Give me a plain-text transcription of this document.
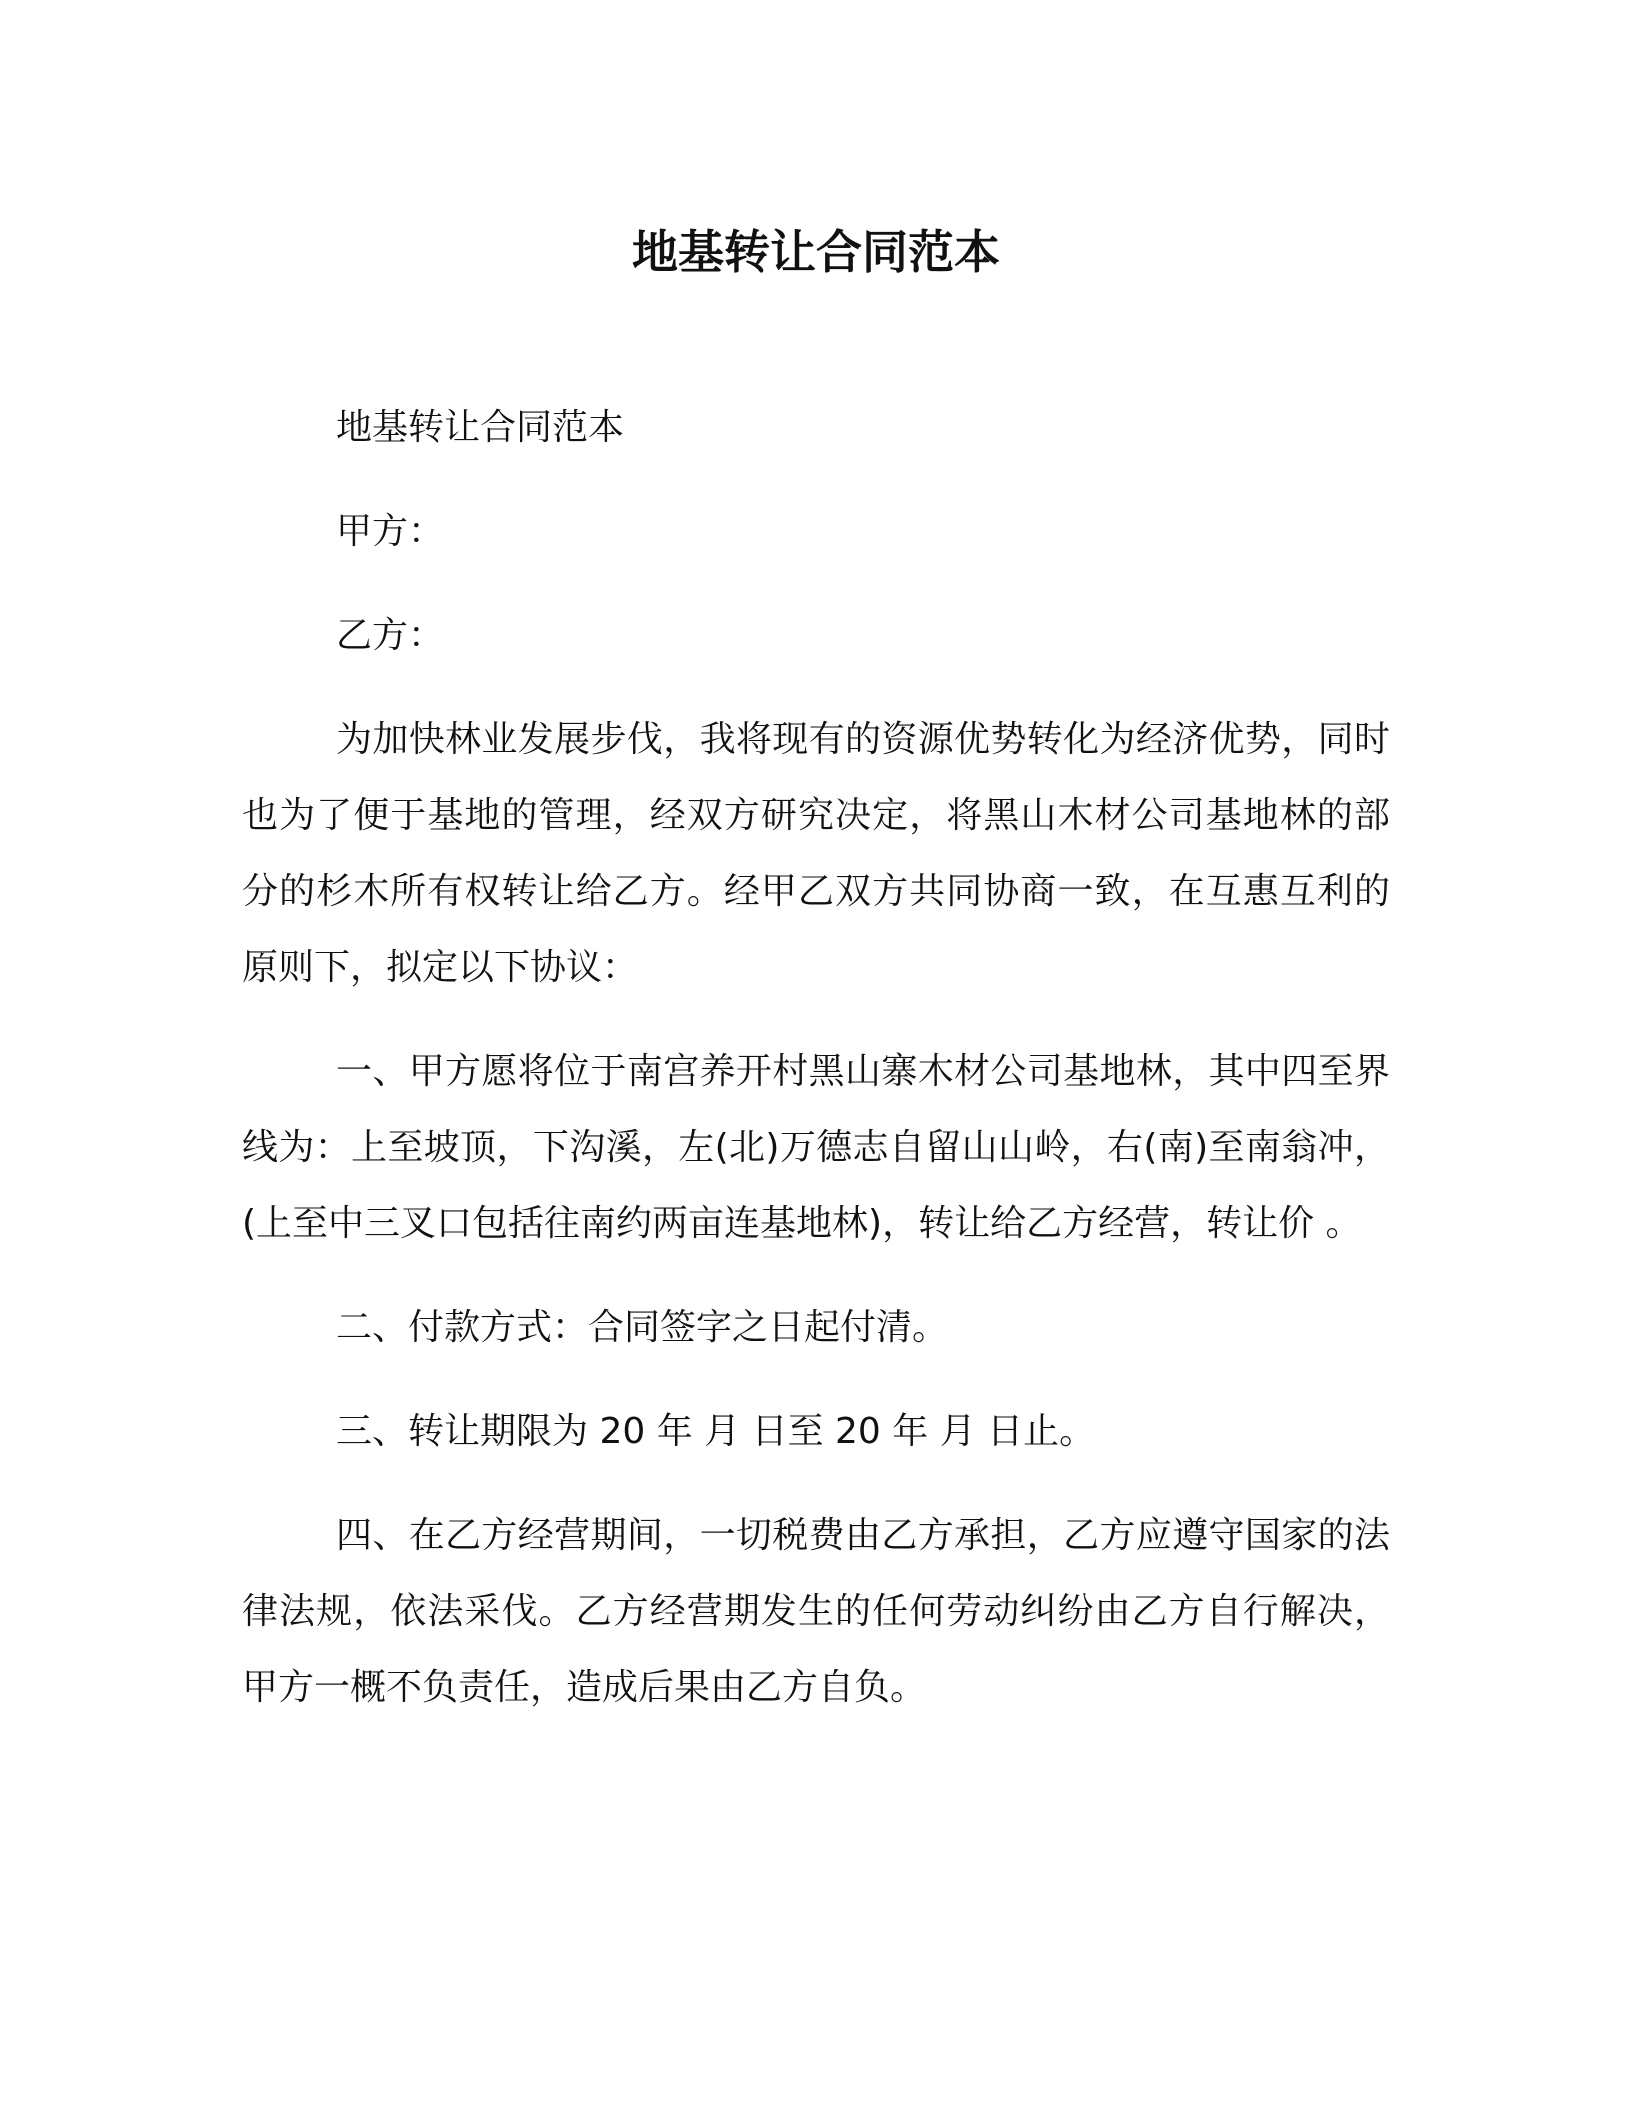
地基转让合同范本

地基转让合同范本

甲方：

乙方：

为加快林业发展步伐，我将现有的资源优势转化为经济优势，同时也为了便于基地的管理，经双方研究决定，将黑山木材公司基地林的部分的杉木所有权转让给乙方。经甲乙双方共同协商一致，在互惠互利的原则下，拟定以下协议：

一、甲方愿将位于南宫养开村黑山寨木材公司基地林，其中四至界线为：上至坡顶，下沟溪，左(北)万德志自留山山岭，右(南)至南翁冲，(上至中三叉口包括往南约两亩连基地林)，转让给乙方经营，转让价 。

二、付款方式：合同签字之日起付清。

三、转让期限为 20 年 月 日至 20 年 月 日止。

四、在乙方经营期间，一切税费由乙方承担，乙方应遵守国家的法律法规，依法采伐。乙方经营期发生的任何劳动纠纷由乙方自行解决，甲方一概不负责任，造成后果由乙方自负。
